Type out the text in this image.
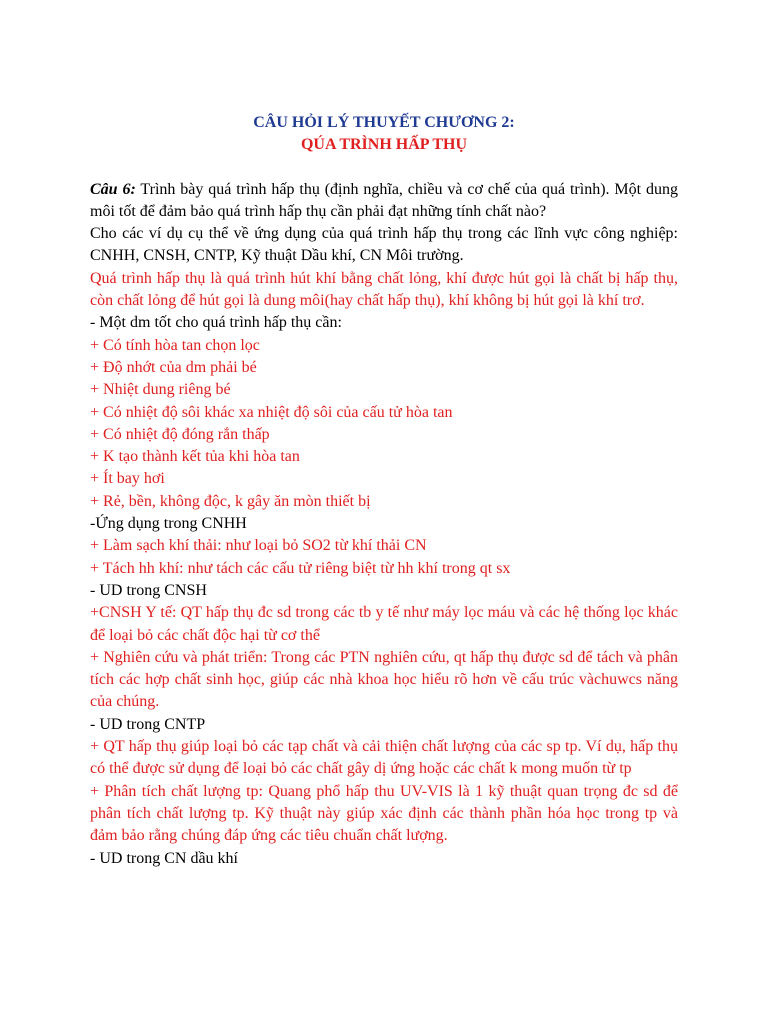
CÂU HỎI LÝ THUYẾT CHƯƠNG 2:
QÚA TRÌNH HẤP THỤ

Câu 6: Trình bày quá trình hấp thụ (định nghĩa, chiều và cơ chế của quá trình). Một dung môi tốt để đảm bảo quá trình hấp thụ cần phải đạt những tính chất nào?

Cho các ví dụ cụ thể về ứng dụng của quá trình hấp thụ trong các lĩnh vực công nghiệp: CNHH, CNSH, CNTP, Kỹ thuật Dầu khí, CN Môi trường.

Quá trình hấp thụ là quá trình hút khí bằng chất lỏng, khí được hút gọi là chất bị hấp thụ, còn chất lỏng để hút gọi là dung môi(hay chất hấp thụ), khí không bị hút gọi là khí trơ.

- Một dm tốt cho quá trình hấp thụ cần:

+ Có tính hòa tan chọn lọc

+ Độ nhớt của dm phải bé

+ Nhiệt dung riêng bé

+ Có nhiệt độ sôi khác xa nhiệt độ sôi của cấu tử hòa tan

+ Có nhiệt độ đóng rắn thấp

+ K tạo thành kết tủa khi hòa tan

+ Ít bay hơi

+ Rẻ, bền, không độc, k gây ăn mòn thiết bị

-Ứng dụng trong CNHH

+ Làm sạch khí thải: như loại bỏ SO2 từ khí thải CN

+ Tách hh khí: như tách các cấu tử riêng biệt từ hh khí trong qt sx

- UD trong CNSH

+CNSH Y tế: QT hấp thụ đc sd trong các tb y tế như máy lọc máu và các hệ thống lọc khác để loại bỏ các chất độc hại từ cơ thể

+ Nghiên cứu và phát triển: Trong các PTN nghiên cứu, qt hấp thụ được sd để tách và phân tích các hợp chất sinh học, giúp các nhà khoa học hiểu rõ hơn về cấu trúc vàchuwcs năng của chúng.

- UD trong CNTP

+ QT hấp thụ giúp loại bỏ các tạp chất và cải thiện chất lượng của các sp tp. Ví dụ, hấp thụ có thể được sử dụng để loại bỏ các chất gây dị ứng hoặc các chất k mong muốn từ tp

+ Phân tích chất lượng tp: Quang phổ hấp thu UV-VIS là 1 kỹ thuật quan trọng đc sd để phân tích chất lượng tp. Kỹ thuật này giúp xác định các thành phần hóa học trong tp và đảm bảo rằng chúng đáp ứng các tiêu chuẩn chất lượng.

- UD trong CN dầu khí
